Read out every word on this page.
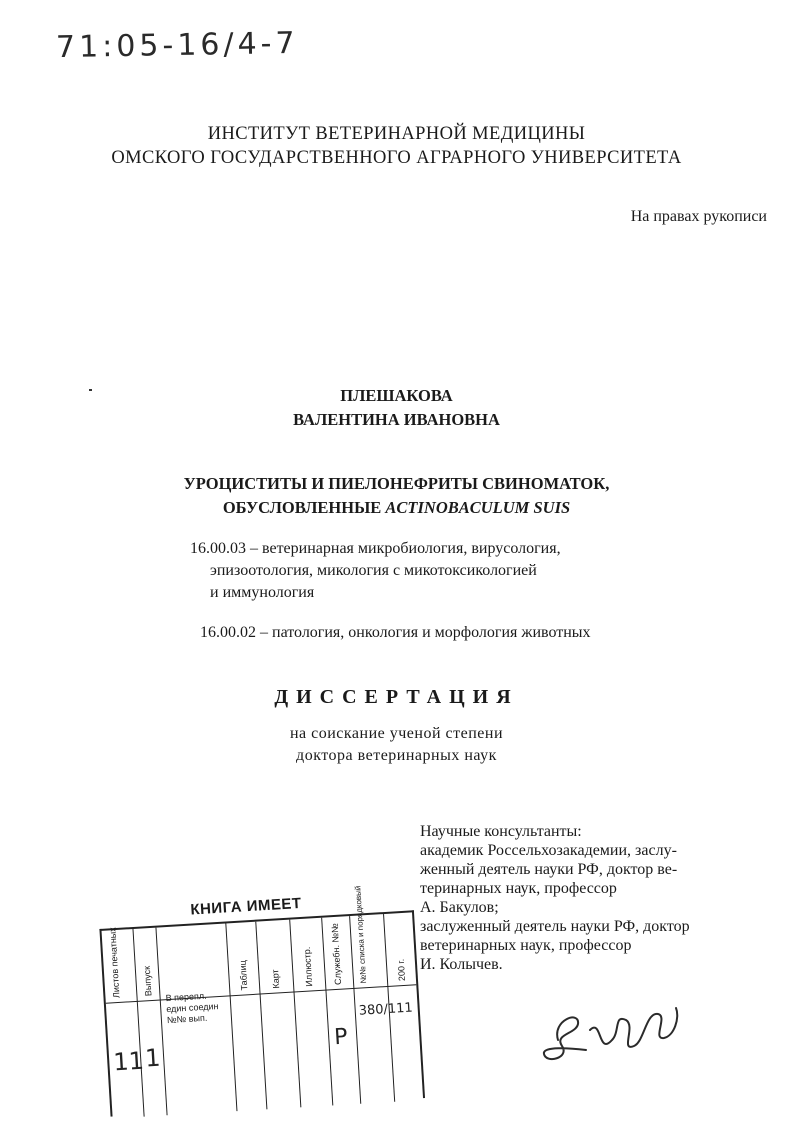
71:05-16/4-7
ИНСТИТУТ ВЕТЕРИНАРНОЙ МЕДИЦИНЫ
ОМСКОГО ГОСУДАРСТВЕННОГО АГРАРНОГО УНИВЕРСИТЕТА
На правах рукописи
ПЛЕШАКОВА
ВАЛЕНТИНА ИВАНОВНА
УРОЦИСТИТЫ И ПИЕЛОНЕФРИТЫ СВИНОМАТОК,
ОБУСЛОВЛЕННЫЕ ACTINOBACULUM SUIS
16.00.03 – ветеринарная микробиология, вирусология,
эпизоотология, микология с микотоксикологией
и иммунология
16.00.02 – патология, онкология и морфология животных
ДИССЕРТАЦИЯ
на соискание ученой степени
доктора ветеринарных наук
Научные консультанты:
академик Россельхозакадемии, заслу-
женный деятель науки РФ, доктор ве-
теринарных наук, профессор
А. Бакулов;
заслуженный деятель науки РФ, доктор
ветеринарных наук, профессор
И. Колычев.
КНИГА ИМЕЕТ
Листов печатных Выпуск
В перепл. един соедин №№ вып.
Таблиц Карт Иллюстр. Служебн. №№ №№ списка и порядковый	200 г.
11 1
Р
380/111
